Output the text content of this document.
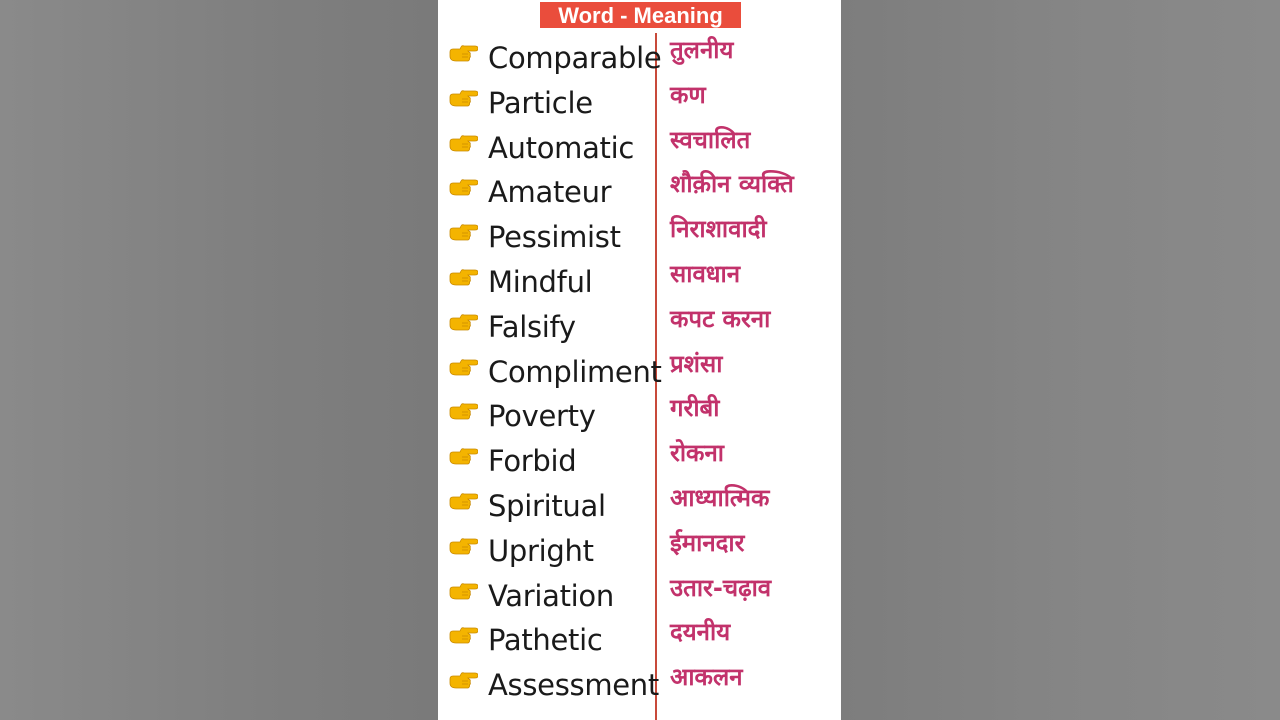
Word - Meaning
Comparable तुलनीय
Particle	कण
Automatic स्वचालित
Amateur शौक़ीन व्यक्ति
Pessimist निराशावादी
Mindful	सावधान
Falsify	कपट करना
Compliment प्रशंसा
Poverty	गरीबी
Forbid	रोकना
Spiritual	आध्यात्मिक
Upright	ईमानदार
Variation उतार-चढ़ाव
Pathetic	दयनीय
Assessment आकलन
